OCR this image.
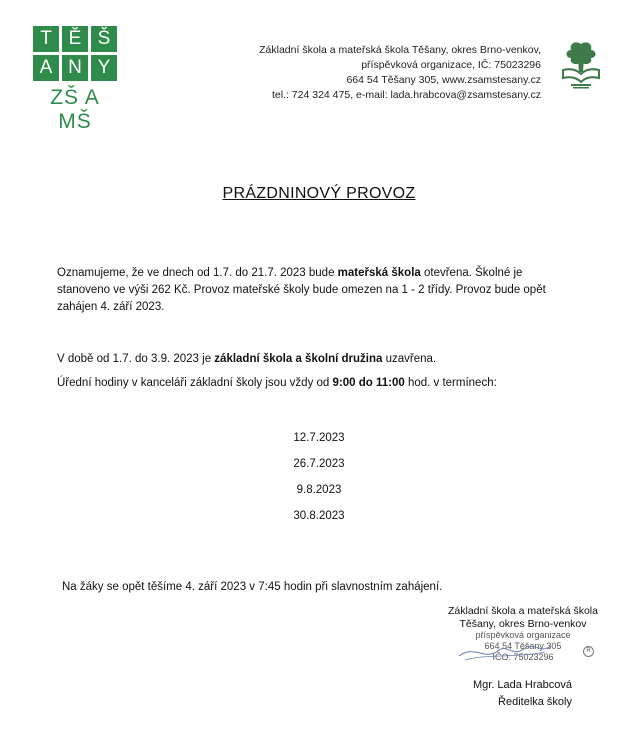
T Ě Š
A N Y
ZŠ A MŠ
Základní škola a mateřská škola Těšany, okres Brno-venkov,
příspěvková organizace, IČ: 75023296
664 54 Těšany 305, www.zsamstesany.cz
tel.: 724 324 475, e-mail: lada.hrabcova@zsamstesany.cz
PRÁZDNINOVÝ PROVOZ
Oznamujeme, že ve dnech od 1.7. do 21.7. 2023 bude mateřská škola otevřena. Školné je stanoveno ve výši 262 Kč. Provoz mateřské školy bude omezen na 1 - 2 třídy. Provoz bude opět zahájen 4. září 2023.
V době od 1.7. do 3.9. 2023 je základní škola a školní družina uzavřena.
Úřední hodiny v kanceláři základní školy jsou vždy od 9:00 do 11:00 hod. v termínech:
12.7.2023
26.7.2023
9.8.2023
30.8.2023
Na žáky se opět těšíme 4. září 2023 v 7:45 hodin při slavnostním zahájení.
Základní škola a mateřská škola
Těšany, okres Brno-venkov
příspěvková organizace
664 54 Těšany 305
IČO: 75023296
R
Mgr. Lada Hrabcová
Ředitelka školy
